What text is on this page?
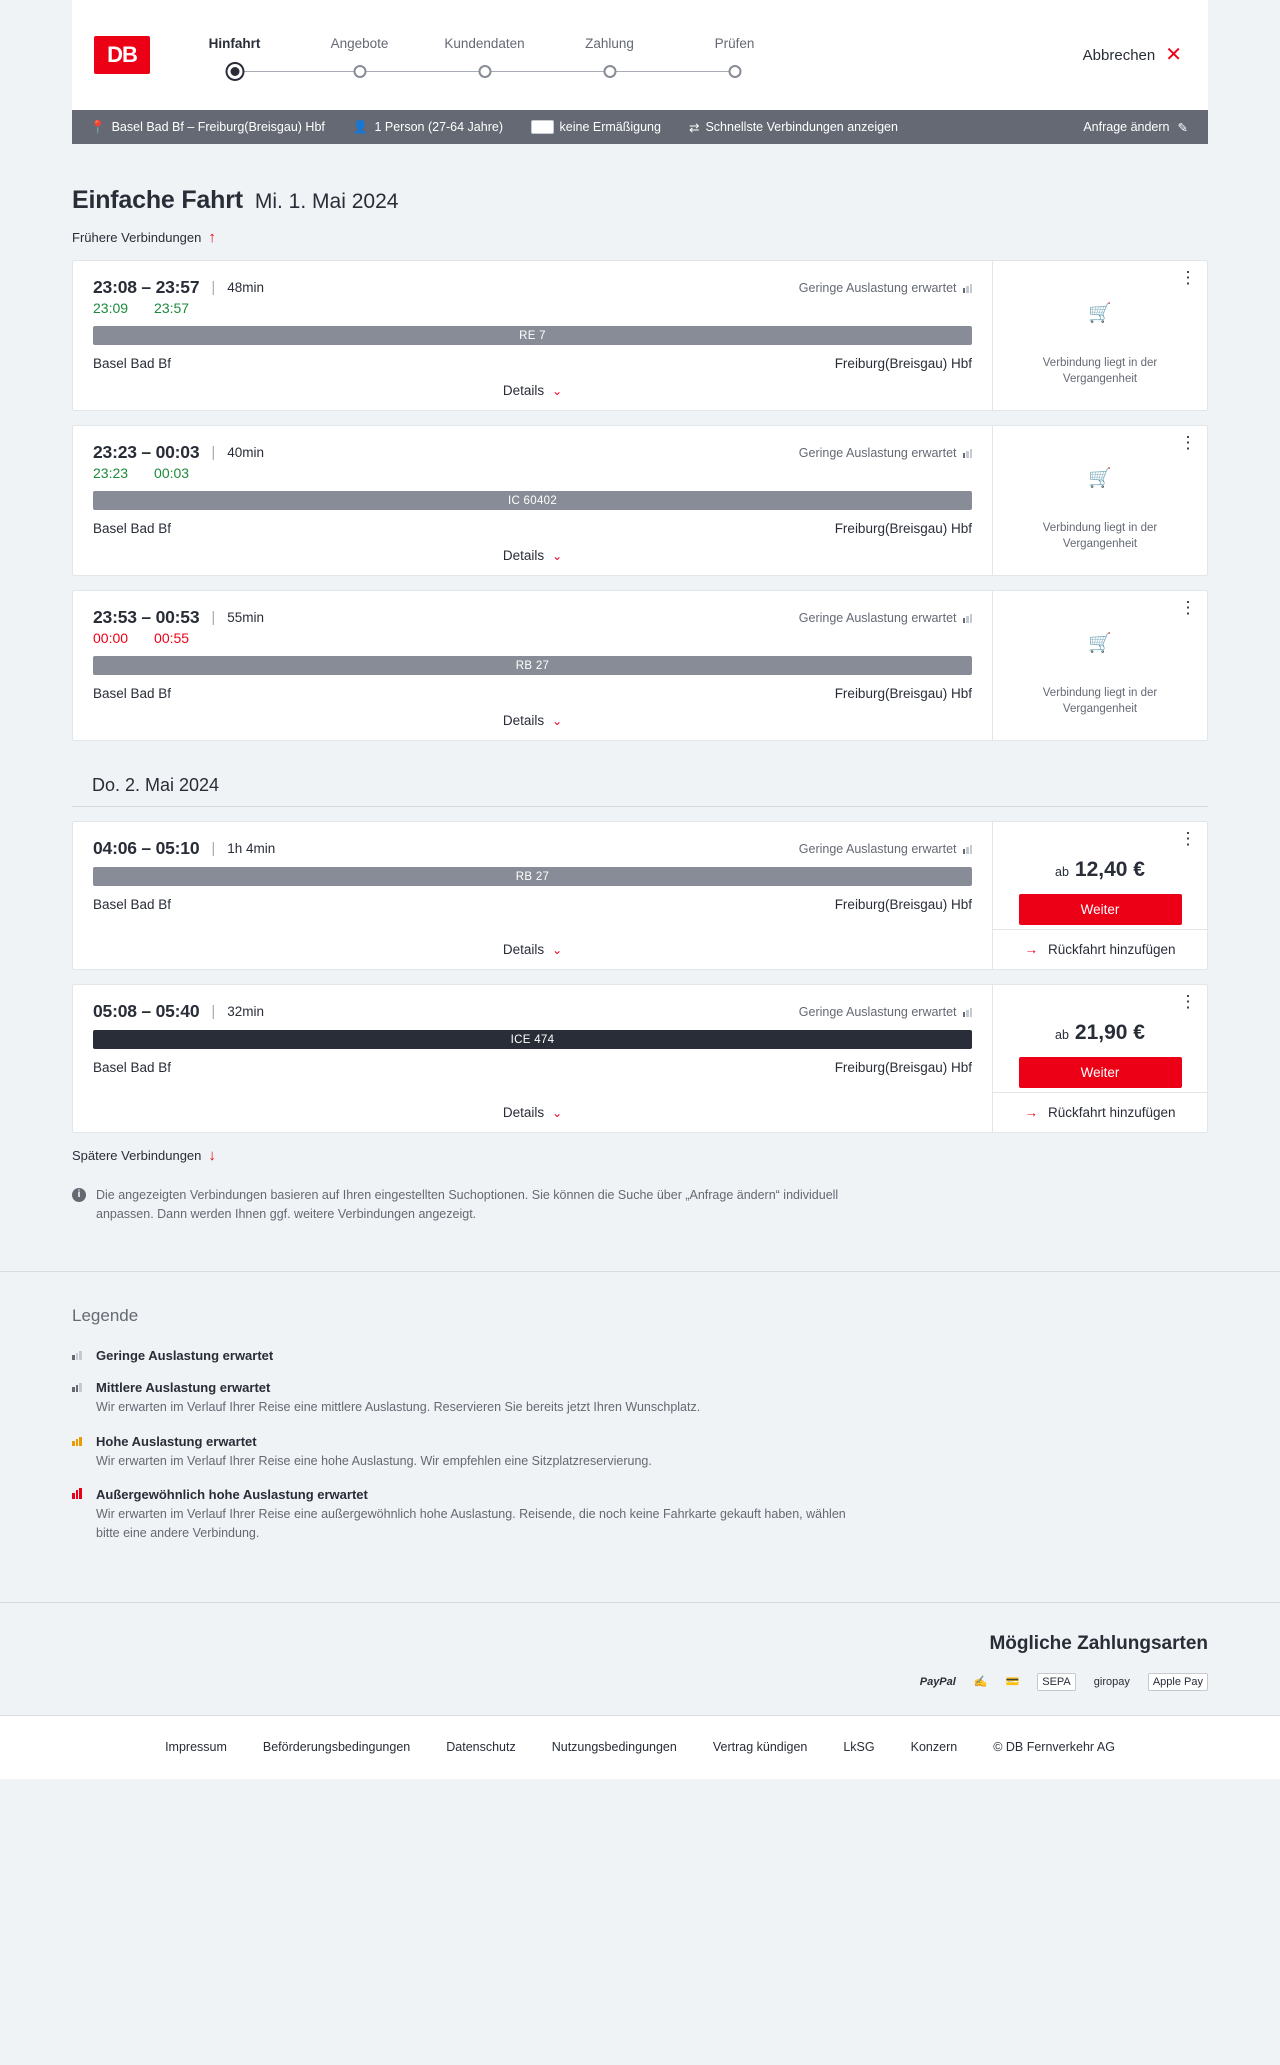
DB	Hinfahrt	Angebote	Kundendaten	Zahlung	Prüfen
Abbrechen ✕
📍 Basel Bad Bf – Freiburg(Breisgau) Hbf 👤 1 Person (27-64 Jahre)	BC keine Ermäßigung ⇄ Schnellste Verbindungen anzeigen	Anfrage ändern ✎
Einfache Fahrt Mi. 1. Mai 2024
Frühere Verbindungen ↑
23:08 – 23:57 | 48min	Geringe Auslastung erwartet
23:09 23:57
RE 7
Basel Bad Bf	Freiburg(Breisgau) Hbf
Details ⌄
⋮
🛒
Verbindung liegt in der Vergangenheit
23:23 – 00:03 | 40min	Geringe Auslastung erwartet
23:23 00:03
IC 60402
Basel Bad Bf	Freiburg(Breisgau) Hbf
Details ⌄
⋮
🛒
Verbindung liegt in der Vergangenheit
23:53 – 00:53 | 55min	Geringe Auslastung erwartet
00:00 00:55
RB 27
Basel Bad Bf	Freiburg(Breisgau) Hbf
Details ⌄
⋮
🛒
Verbindung liegt in der Vergangenheit
Do. 2. Mai 2024
04:06 – 05:10 | 1h 4min	Geringe Auslastung erwartet
RB 27
Basel Bad Bf	Freiburg(Breisgau) Hbf
Details ⌄
⋮
ab 12,40 €
Weiter
→ Rückfahrt hinzufügen
05:08 – 05:40 | 32min	Geringe Auslastung erwartet
ICE 474
Basel Bad Bf	Freiburg(Breisgau) Hbf
Details ⌄
⋮
ab 21,90 €
Weiter
→ Rückfahrt hinzufügen
Spätere Verbindungen ↓
i	Die angezeigten Verbindungen basieren auf Ihren eingestellten Suchoptionen. Sie können die Suche über „Anfrage ändern“ individuell anpassen. Dann werden Ihnen ggf. weitere Verbindungen angezeigt.
Legende
Geringe Auslastung erwartet
Mittlere Auslastung erwartet
Wir erwarten im Verlauf Ihrer Reise eine mittlere Auslastung. Reservieren Sie bereits jetzt Ihren Wunschplatz.
Hohe Auslastung erwartet
Wir erwarten im Verlauf Ihrer Reise eine hohe Auslastung. Wir empfehlen eine Sitzplatzreservierung.
Außergewöhnlich hohe Auslastung erwartet
Wir erwarten im Verlauf Ihrer Reise eine außergewöhnlich hohe Auslastung. Reisende, die noch keine Fahrkarte gekauft haben, wählen bitte eine andere Verbindung.
Mögliche Zahlungsarten
PayPal ✍ 💳	SEPA	giropay	Apple Pay
Impressum	Beförderungsbedingungen	Datenschutz	Nutzungsbedingungen	Vertrag kündigen	LkSG	Konzern	© DB Fernverkehr AG
